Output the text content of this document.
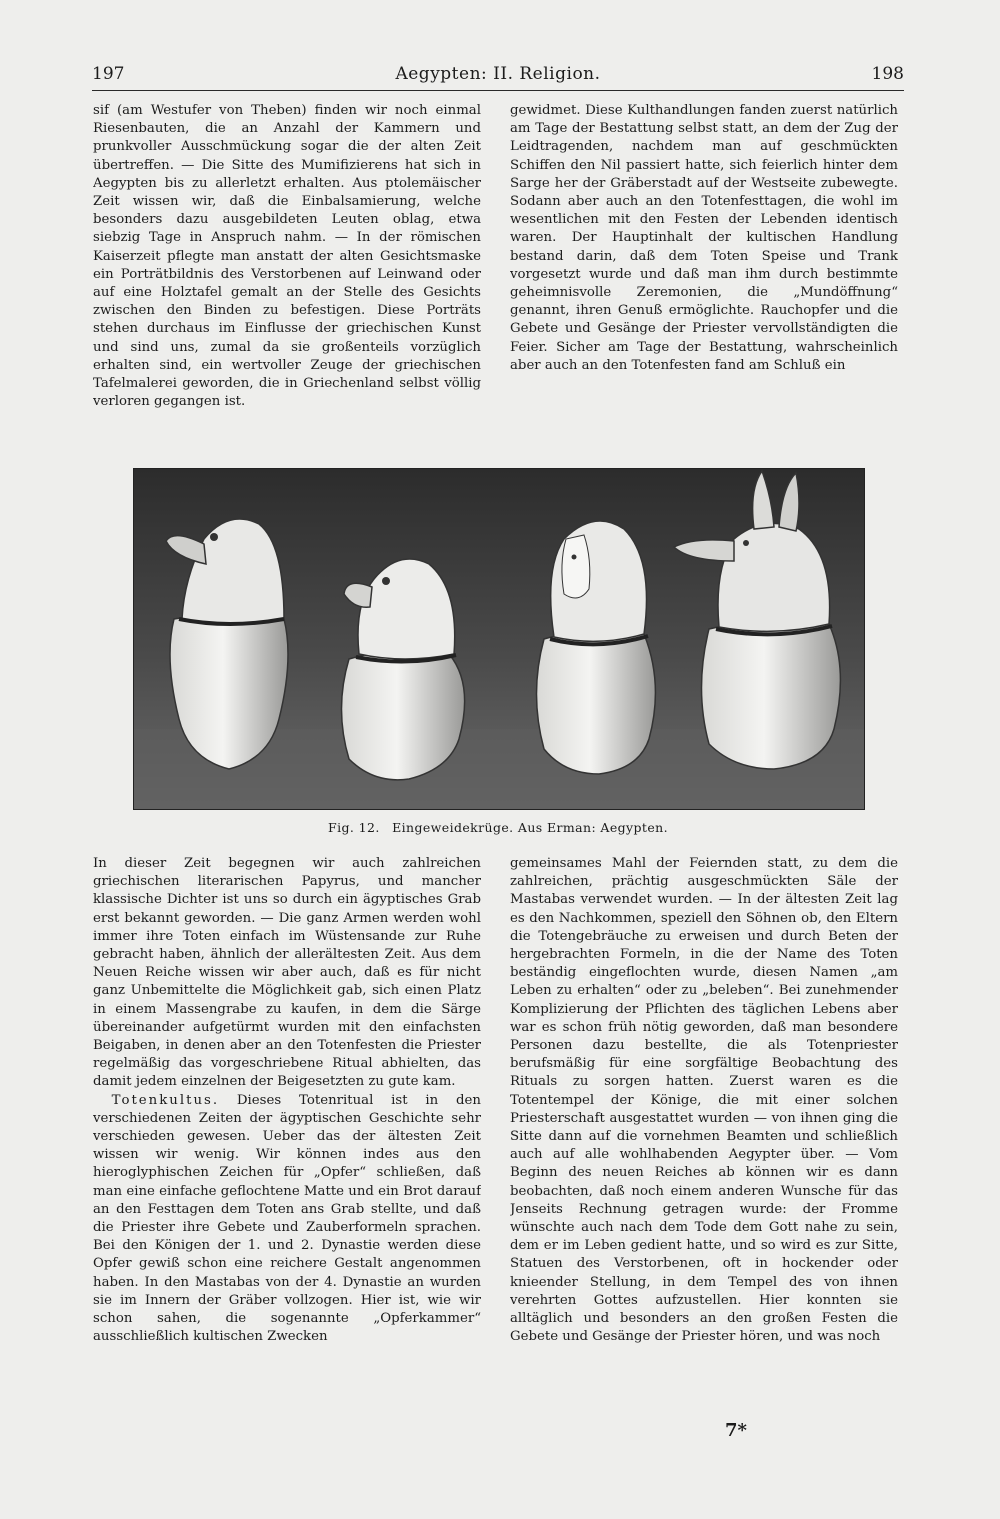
197	Aegypten: II. Religion.	198

sif (am Westufer von Theben) finden wir noch einmal Riesenbauten, die an Anzahl der Kammern und prunkvoller Ausschmückung sogar die der alten Zeit übertreffen. — Die Sitte des Mumifizierens hat sich in Aegypten bis zu allerletzt erhalten. Aus ptolemäischer Zeit wissen wir, daß die Einbalsamierung, welche besonders dazu ausgebildeten Leuten oblag, etwa siebzig Tage in Anspruch nahm. — In der römischen Kaiserzeit pflegte man anstatt der alten Gesichtsmaske ein Porträtbildnis des Verstorbenen auf Leinwand oder auf eine Holztafel gemalt an der Stelle des Gesichts zwischen den Binden zu befestigen. Diese Porträts stehen durchaus im Einflusse der griechischen Kunst und sind uns, zumal da sie großenteils vorzüglich erhalten sind, ein wertvoller Zeuge der griechischen Tafelmalerei geworden, die in Griechenland selbst völlig verloren gegangen ist.

gewidmet. Diese Kulthandlungen fanden zuerst natürlich am Tage der Bestattung selbst statt, an dem der Zug der Leidtragenden, nachdem man auf geschmückten Schiffen den Nil passiert hatte, sich feierlich hinter dem Sarge her der Gräberstadt auf der Westseite zubewegte. Sodann aber auch an den Totenfesttagen, die wohl im wesentlichen mit den Festen der Lebenden identisch waren. Der Hauptinhalt der kultischen Handlung bestand darin, daß dem Toten Speise und Trank vorgesetzt wurde und daß man ihm durch bestimmte geheimnisvolle Zeremonien, die „Mundöffnung“ genannt, ihren Genuß ermöglichte. Rauchopfer und die Gebete und Gesänge der Priester vervollständigten die Feier. Sicher am Tage der Bestattung, wahrscheinlich aber auch an den Totenfesten fand am Schluß ein

Fig. 12. Eingeweidekrüge. Aus Erman: Aegypten.

In dieser Zeit begegnen wir auch zahlreichen griechischen literarischen Papyrus, und mancher klassische Dichter ist uns so durch ein ägyptisches Grab erst bekannt geworden. — Die ganz Armen werden wohl immer ihre Toten einfach im Wüstensande zur Ruhe gebracht haben, ähnlich der allerältesten Zeit. Aus dem Neuen Reiche wissen wir aber auch, daß es für nicht ganz Unbemittelte die Möglichkeit gab, sich einen Platz in einem Massengrabe zu kaufen, in dem die Särge übereinander aufgetürmt wurden mit den einfachsten Beigaben, in denen aber an den Totenfesten die Priester regelmäßig das vorgeschriebene Ritual abhielten, das damit jedem einzelnen der Beigesetzten zu gute kam.

Totenkultus. Dieses Totenritual ist in den verschiedenen Zeiten der ägyptischen Geschichte sehr verschieden gewesen. Ueber das der ältesten Zeit wissen wir wenig. Wir können indes aus den hieroglyphischen Zeichen für „Opfer“ schließen, daß man eine einfache geflochtene Matte und ein Brot darauf an den Festtagen dem Toten ans Grab stellte, und daß die Priester ihre Gebete und Zauberformeln sprachen. Bei den Königen der 1. und 2. Dynastie werden diese Opfer gewiß schon eine reichere Gestalt angenommen haben. In den Mastabas von der 4. Dynastie an wurden sie im Innern der Gräber vollzogen. Hier ist, wie wir schon sahen, die sogenannte „Opferkammer“ ausschließlich kultischen Zwecken

gemeinsames Mahl der Feiernden statt, zu dem die zahlreichen, prächtig ausgeschmückten Säle der Mastabas verwendet wurden. — In der ältesten Zeit lag es den Nachkommen, speziell den Söhnen ob, den Eltern die Totengebräuche zu erweisen und durch Beten der hergebrachten Formeln, in die der Name des Toten beständig eingeflochten wurde, diesen Namen „am Leben zu erhalten“ oder zu „beleben“. Bei zunehmender Komplizierung der Pflichten des täglichen Lebens aber war es schon früh nötig geworden, daß man besondere Personen dazu bestellte, die als Totenpriester berufsmäßig für eine sorgfältige Beobachtung des Rituals zu sorgen hatten. Zuerst waren es die Totentempel der Könige, die mit einer solchen Priesterschaft ausgestattet wurden — von ihnen ging die Sitte dann auf die vornehmen Beamten und schließlich auch auf alle wohlhabenden Aegypter über. — Vom Beginn des neuen Reiches ab können wir es dann beobachten, daß noch einem anderen Wunsche für das Jenseits Rechnung getragen wurde: der Fromme wünschte auch nach dem Tode dem Gott nahe zu sein, dem er im Leben gedient hatte, und so wird es zur Sitte, Statuen des Verstorbenen, oft in hockender oder knieender Stellung, in dem Tempel des von ihnen verehrten Gottes aufzustellen. Hier konnten sie alltäglich und besonders an den großen Festen die Gebete und Gesänge der Priester hören, und was noch

7*
